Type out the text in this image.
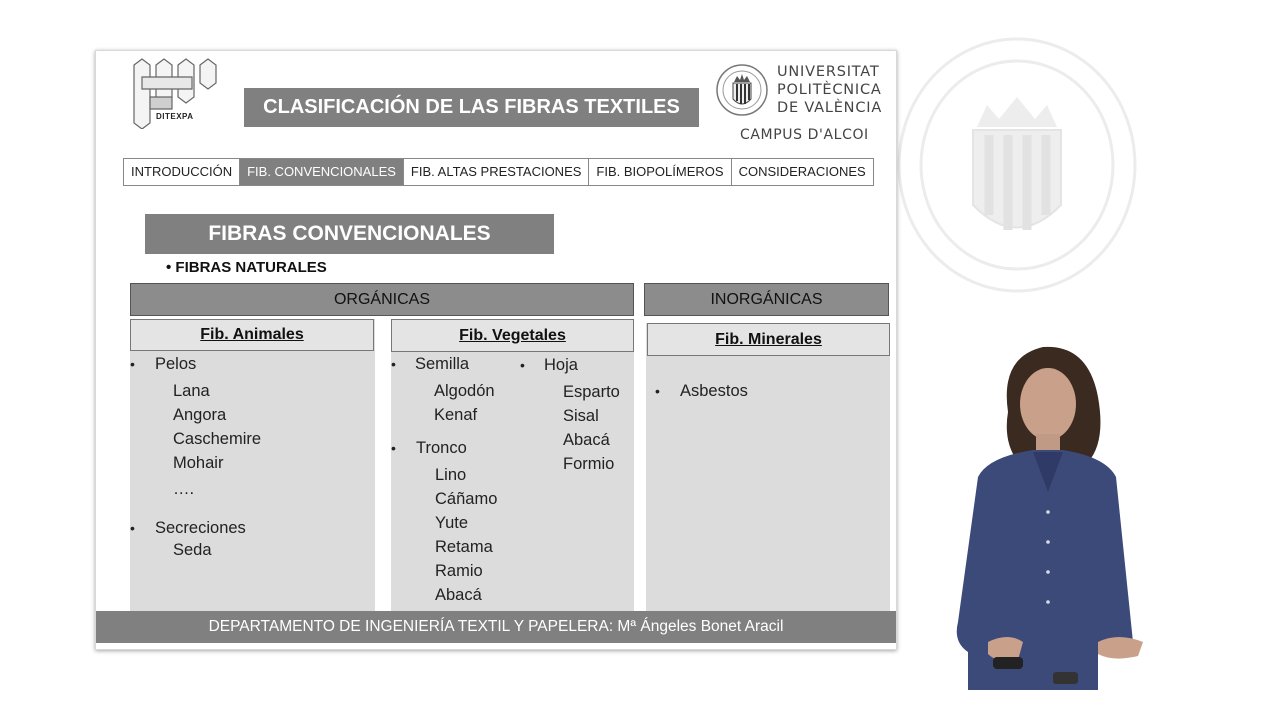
DITEXPA	CLASIFICACIÓN DE LAS FIBRAS TEXTILES
UNIVERSITAT
POLITÈCNICA
DE VALÈNCIA
CAMPUS D'ALCOI
INTRODUCCIÓN	FIB. CONVENCIONALES	FIB. ALTAS PRESTACIONES	FIB. BIOPOLÍMEROS	CONSIDERACIONES
FIBRAS CONVENCIONALES
• FIBRAS NATURALES
ORGÁNICAS	INORGÁNICAS
Fib. Animales	Fib. Vegetales	Fib. Minerales
• Pelos
Lana
Angora
Caschemire
Mohair
….
• Secreciones
Seda
• Semilla
Algodón
Kenaf
• Tronco
Lino
Cáñamo
Yute
Retama
Ramio
Abacá
• Hoja
Esparto
Sisal
Abacá
Formio
• Asbestos
DEPARTAMENTO DE INGENIERÍA TEXTIL Y PAPELERA: Mª Ángeles Bonet Aracil
